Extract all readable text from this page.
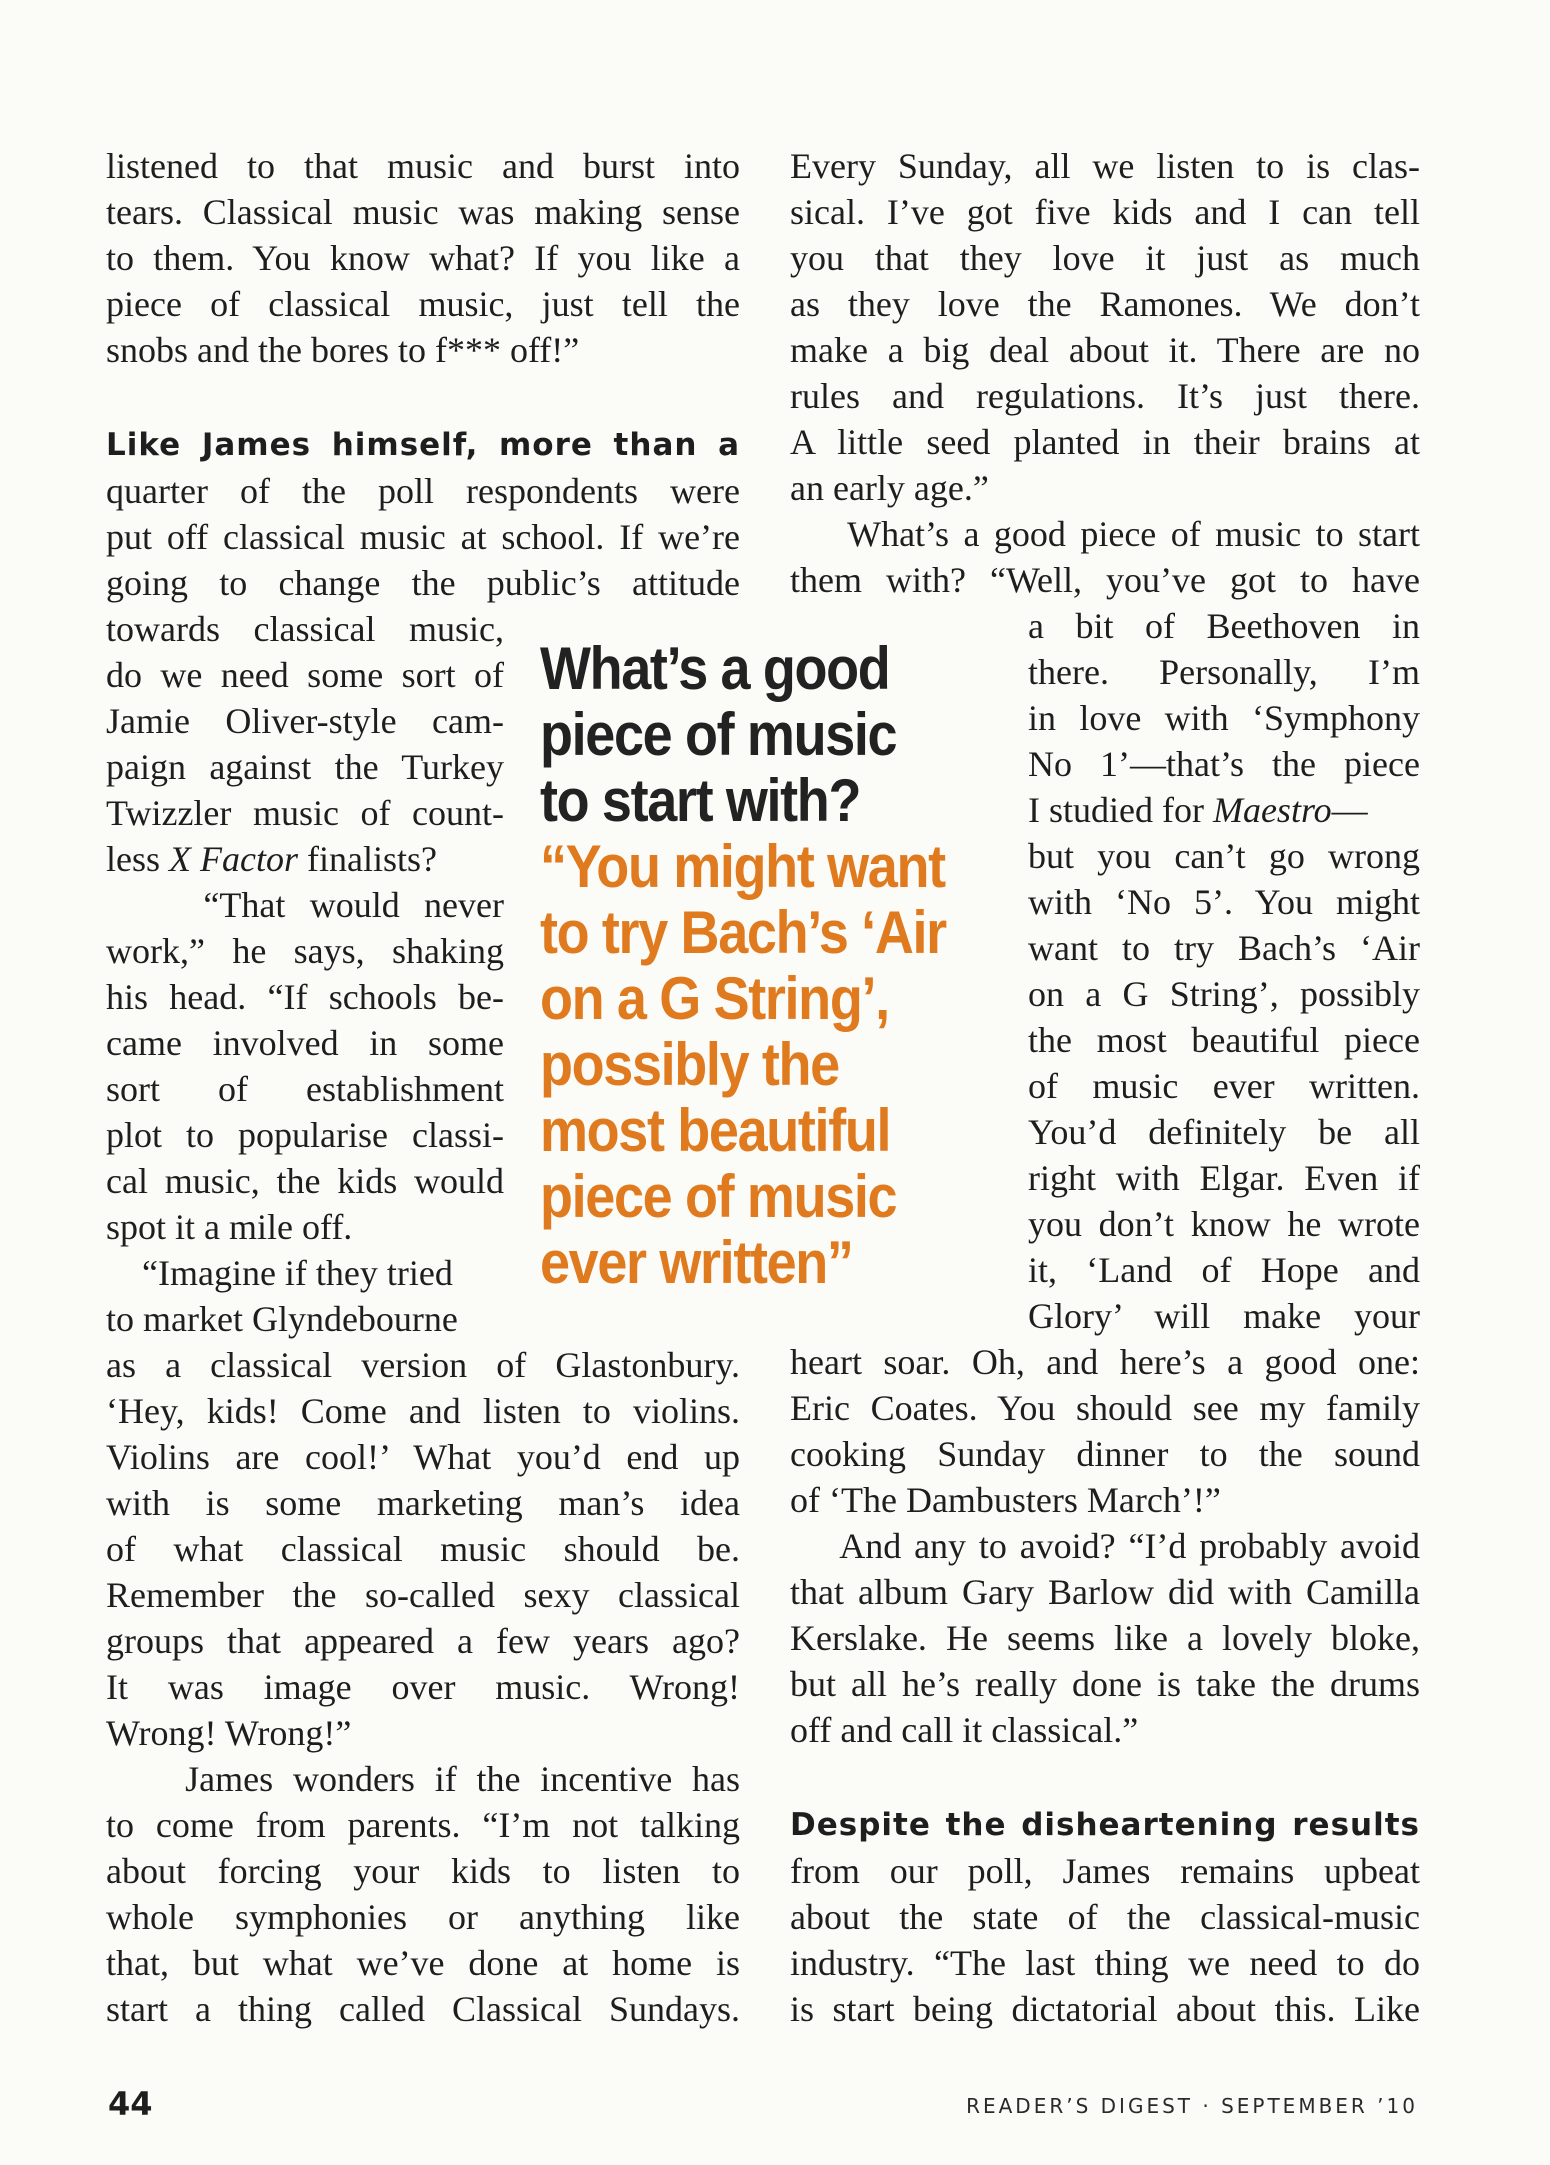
listened to that music and burst into
tears. Classical music was making sense
to them. You know what? If you like a
piece of classical music, just tell the
snobs and the bores to f*** off!”
Like James himself, more than a
quarter of the poll respondents were
put off classical music at school. If we’re
going to change the public’s attitude
towards classical music,
do we need some sort of
Jamie Oliver-style cam-
paign against the Turkey
Twizzler music of count-
less X Factor finalists?
“That would never
work,” he says, shaking
his head. “If schools be-
came involved in some
sort of establishment
plot to popularise classi-
cal music, the kids would
spot it a mile off.
“Imagine if they tried
to market Glyndebourne
as a classical version of Glastonbury.
‘Hey, kids! Come and listen to violins.
Violins are cool!’ What you’d end up
with is some marketing man’s idea
of what classical music should be.
Remember the so-called sexy classical
groups that appeared a few years ago?
It was image over music. Wrong!
Wrong! Wrong!”
James wonders if the incentive has
to come from parents. “I’m not talking
about forcing your kids to listen to
whole symphonies or anything like
that, but what we’ve done at home is
start a thing called Classical Sundays.
What’s a good
piece of music
to start with?
“You might want
to try Bach’s ‘Air
on a G String’,
possibly the
most beautiful
piece of music
ever written”
Every Sunday, all we listen to is clas-
sical. I’ve got five kids and I can tell
you that they love it just as much
as they love the Ramones. We don’t
make a big deal about it. There are no
rules and regulations. It’s just there.
A little seed planted in their brains at
an early age.”
What’s a good piece of music to start
them with? “Well, you’ve got to have
a bit of Beethoven in
there. Personally, I’m
in love with ‘Symphony
No 1’—that’s the piece
I studied for Maestro—
but you can’t go wrong
with ‘No 5’. You might
want to try Bach’s ‘Air
on a G String’, possibly
the most beautiful piece
of music ever written.
You’d definitely be all
right with Elgar. Even if
you don’t know he wrote
it, ‘Land of Hope and
Glory’ will make your
heart soar. Oh, and here’s a good one:
Eric Coates. You should see my family
cooking Sunday dinner to the sound
of ‘The Dambusters March’!”
And any to avoid? “I’d probably avoid
that album Gary Barlow did with Camilla
Kerslake. He seems like a lovely bloke,
but all he’s really done is take the drums
off and call it classical.”
Despite the disheartening results
from our poll, James remains upbeat
about the state of the classical-music
industry. “The last thing we need to do
is start being dictatorial about this. Like
44	READER’S DIGEST · SEPTEMBER ’10
